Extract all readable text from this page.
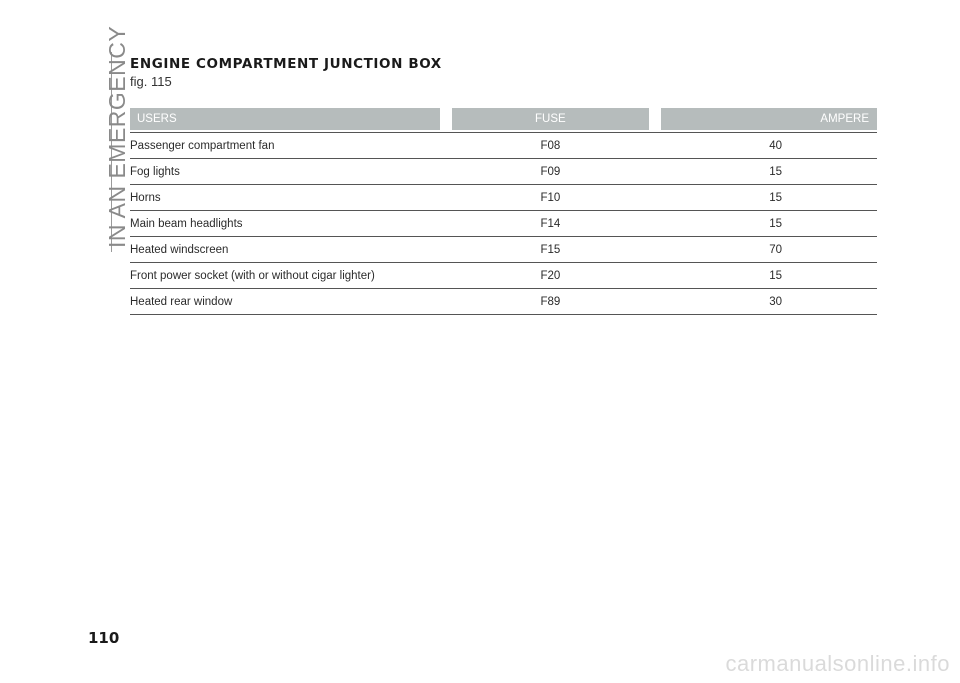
IN AN EMERGENCY ENGINE COMPARTMENT JUNCTION BOX
fig. 115
USERS		FUSE		AMPERE
Passenger compartment fan		F08		40
Fog lights		F09		15
Horns		F10		15
Main beam headlights		F14		15
Heated windscreen		F15		70
Front power socket (with or without cigar lighter)		F20		15
Heated rear window		F89		30
110
carmanualsonline.info
